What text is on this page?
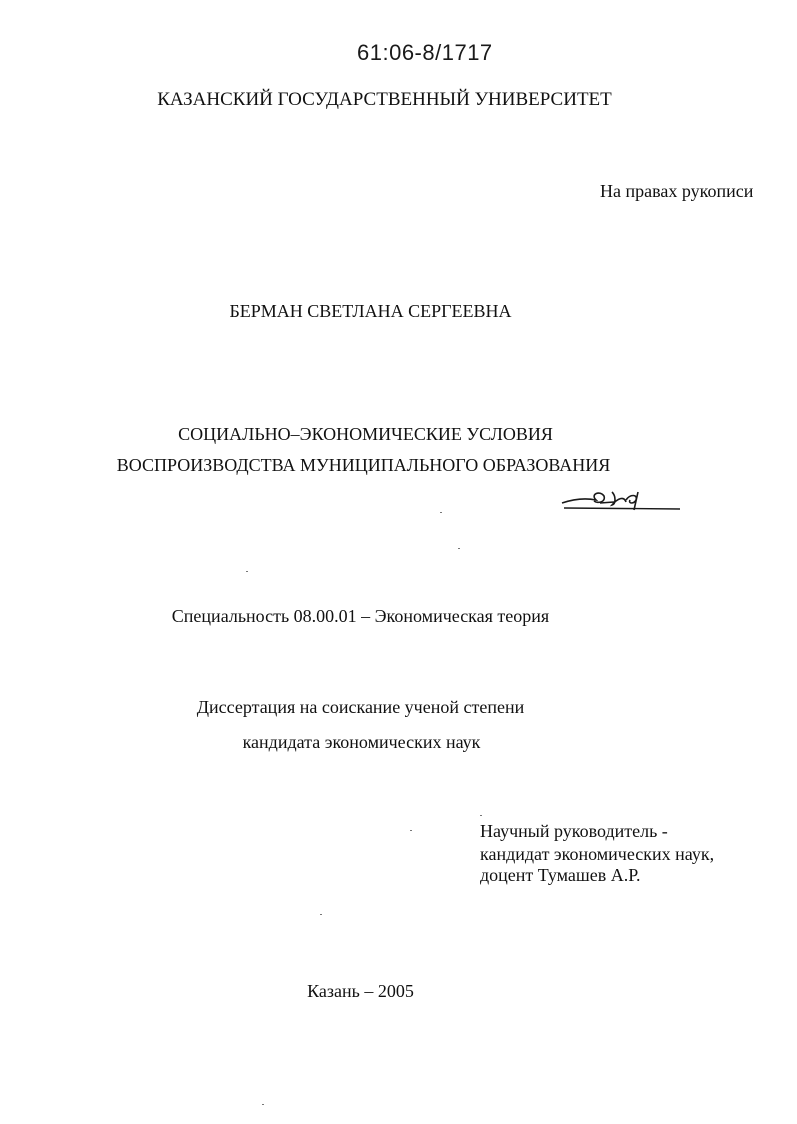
61:06-8/1717
КАЗАНСКИЙ ГОСУДАРСТВЕННЫЙ УНИВЕРСИТЕТ
На правах рукописи
БЕРМАН СВЕТЛАНА СЕРГЕЕВНА
СОЦИАЛЬНО–ЭКОНОМИЧЕСКИЕ УСЛОВИЯ
ВОСПРОИЗВОДСТВА МУНИЦИПАЛЬНОГО ОБРАЗОВАНИЯ
Специальность 08.00.01 – Экономическая теория
Диссертация на соискание ученой степени
кандидата экономических наук
Научный руководитель -
кандидат экономических наук,
доцент Тумашев А.Р.
Казань – 2005
